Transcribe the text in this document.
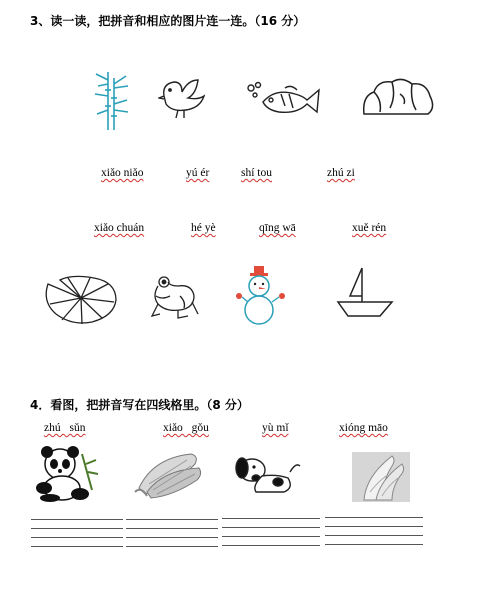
3、读一读，把拼音和相应的图片连一连。（16 分）
xiǎo niǎo	yú ér	shí tou	zhú zi
xiǎo chuán	hé yè	qīng wā	xuě rén
4．看图，把拼音写在四线格里。（8 分）
zhú sǔn	xiǎo gǒu	yù mǐ	xióng māo
